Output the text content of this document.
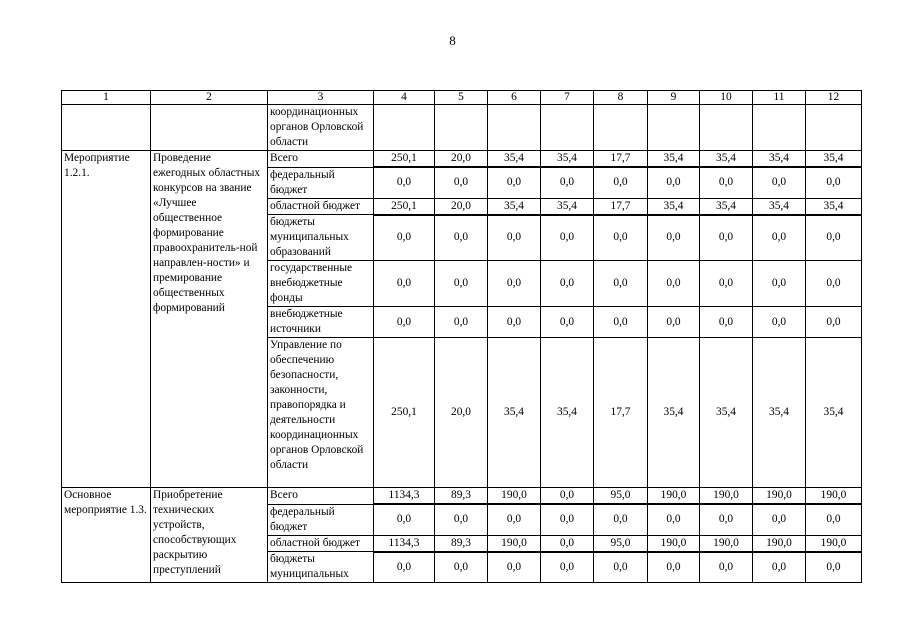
8
1	2	3	4	5	6	7	8	9	10	11	12
		координационных органов Орловской области									
Мероприятие 1.2.1.	Проведение ежегодных областных конкурсов на звание «Лучшее общественное формирование правоохранитель-ной направлен-ности» и премирование общественных формирований	Всего	250,1	20,0	35,4	35,4	17,7	35,4	35,4	35,4	35,4
		федеральный бюджет	0,0	0,0	0,0	0,0	0,0	0,0	0,0	0,0	0,0
		областной бюджет	250,1	20,0	35,4	35,4	17,7	35,4	35,4	35,4	35,4
		бюджеты муниципальных образований	0,0	0,0	0,0	0,0	0,0	0,0	0,0	0,0	0,0
		государственные внебюджетные фонды	0,0	0,0	0,0	0,0	0,0	0,0	0,0	0,0	0,0
		внебюджетные источники	0,0	0,0	0,0	0,0	0,0	0,0	0,0	0,0	0,0
		Управление по обеспечению безопасности, законности, правопорядка и деятельности координационных органов Орловской области	250,1	20,0	35,4	35,4	17,7	35,4	35,4	35,4	35,4
Основное мероприятие 1.3.	Приобретение технических устройств, способствующих раскрытию преступлений	Всего	1134,3	89,3	190,0	0,0	95,0	190,0	190,0	190,0	190,0
		федеральный бюджет	0,0	0,0	0,0	0,0	0,0	0,0	0,0	0,0	0,0
		областной бюджет	1134,3	89,3	190,0	0,0	95,0	190,0	190,0	190,0	190,0
		бюджеты муниципальных	0,0	0,0	0,0	0,0	0,0	0,0	0,0	0,0	0,0
